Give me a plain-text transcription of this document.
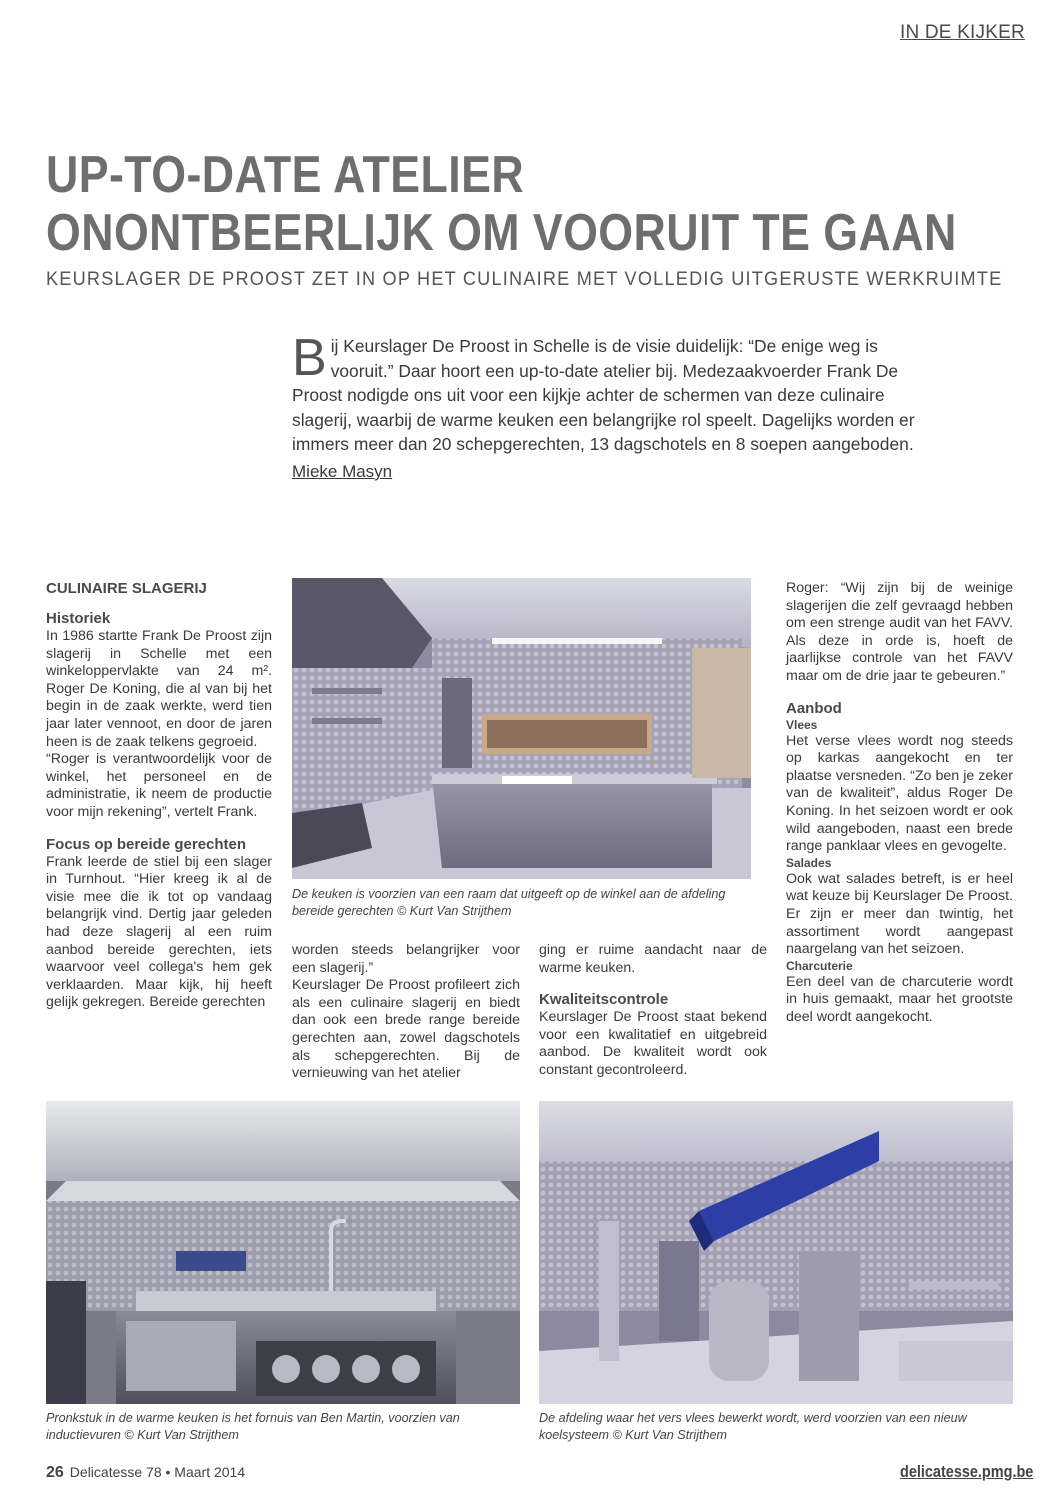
IN DE KIJKER
UP-TO-DATE ATELIER
ONONTBEERLIJK OM VOORUIT TE GAAN
KEURSLAGER DE PROOST ZET IN OP HET CULINAIRE MET VOLLEDIG UITGERUSTE WERKRUIMTE
Bij Keurslager De Proost in Schelle is de visie duidelijk: “De enige weg is vooruit.” Daar hoort een up-to-date atelier bij. Medezaakvoerder Frank De Proost nodigde ons uit voor een kijkje achter de schermen van deze culinaire slagerij, waarbij de warme keuken een belangrijke rol speelt. Dagelijks worden er immers meer dan 20 schepgerechten, 13 dagschotels en 8 soepen aangeboden.
Mieke Masyn
CULINAIRE SLAGERIJ
Historiek

In 1986 startte Frank De Proost zijn slagerij in Schelle met een winkeloppervlakte van 24 m². Roger De Koning, die al van bij het begin in de zaak werkte, werd tien jaar later vennoot, en door de jaren heen is de zaak telkens gegroeid.

“Roger is verantwoordelijk voor de winkel, het personeel en de administratie, ik neem de productie voor mijn rekening”, vertelt Frank.

Focus op bereide gerechten

Frank leerde de stiel bij een slager in Turnhout. “Hier kreeg ik al de visie mee die ik tot op vandaag belangrijk vind. Dertig jaar geleden had deze slagerij al een ruim aanbod bereide gerechten, iets waarvoor veel collega's hem gek verklaarden. Maar kijk, hij heeft gelijk gekregen. Bereide gerechten

De keuken is voorzien van een raam dat uitgeeft op de winkel aan de afdeling bereide gerechten © Kurt Van Strijthem

worden steeds belangrijker voor een slagerij.”

Keurslager De Proost profileert zich als een culinaire slagerij en biedt dan ook een brede range bereide gerechten aan, zowel dagschotels als schepgerechten. Bij de vernieuwing van het atelier

ging er ruime aandacht naar de warme keuken.

Kwaliteitscontrole

Keurslager De Proost staat bekend voor een kwalitatief en uitgebreid aanbod. De kwaliteit wordt ook constant gecontroleerd.

Roger: “Wij zijn bij de weinige slagerijen die zelf gevraagd hebben om een strenge audit van het FAVV. Als deze in orde is, hoeft de jaarlijkse controle van het FAVV maar om de drie jaar te gebeuren.”

Aanbod
Vlees

Het verse vlees wordt nog steeds op karkas aangekocht en ter plaatse versneden. “Zo ben je zeker van de kwaliteit”, aldus Roger De Koning. In het seizoen wordt er ook wild aangeboden, naast een brede range panklaar vlees en gevogelte.

Salades

Ook wat salades betreft, is er heel wat keuze bij Keurslager De Proost. Er zijn er meer dan twintig, het assortiment wordt aangepast naargelang van het seizoen.

Charcuterie

Een deel van de charcuterie wordt in huis gemaakt, maar het grootste deel wordt aangekocht.

Pronkstuk in de warme keuken is het fornuis van Ben Martin, voorzien van inductievuren © Kurt Van Strijthem
De afdeling waar het vers vlees bewerkt wordt, werd voorzien van een nieuw koelsysteem © Kurt Van Strijthem
26 Delicatesse 78 • Maart 2014	delicatesse.pmg.be
